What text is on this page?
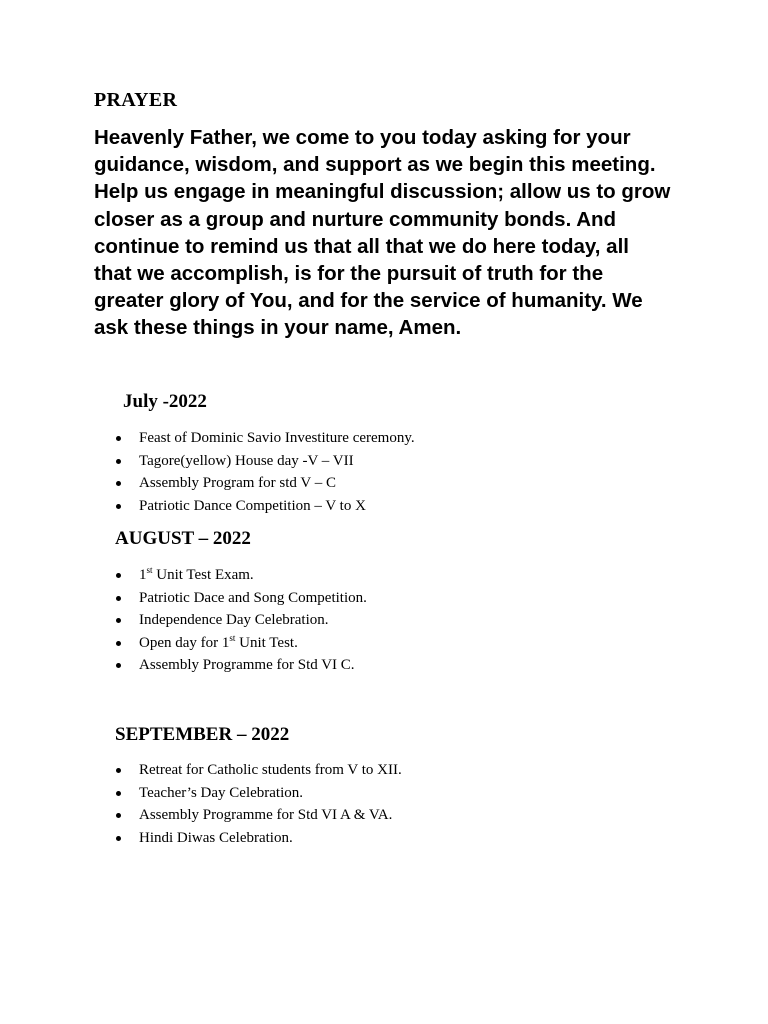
PRAYER
Heavenly Father, we come to you today asking for your
guidance, wisdom, and support as we begin this meeting.
Help us engage in meaningful discussion; allow us to grow
closer as a group and nurture community bonds. And
continue to remind us that all that we do here today, all
that we accomplish, is for the pursuit of truth for the
greater glory of You, and for the service of humanity. We
ask these things in your name, Amen.
July -2022
Feast of Dominic Savio Investiture ceremony.
Tagore(yellow) House day -V – VII
Assembly Program for std V – C
Patriotic Dance Competition – V to X
AUGUST – 2022
1st Unit Test Exam.
Patriotic Dace and Song Competition.
Independence Day Celebration.
Open day for 1st Unit Test.
Assembly Programme for Std VI C.
SEPTEMBER – 2022
Retreat for Catholic students from V to XII.
Teacher’s Day Celebration.
Assembly Programme for Std VI A & VA.
Hindi Diwas Celebration.
